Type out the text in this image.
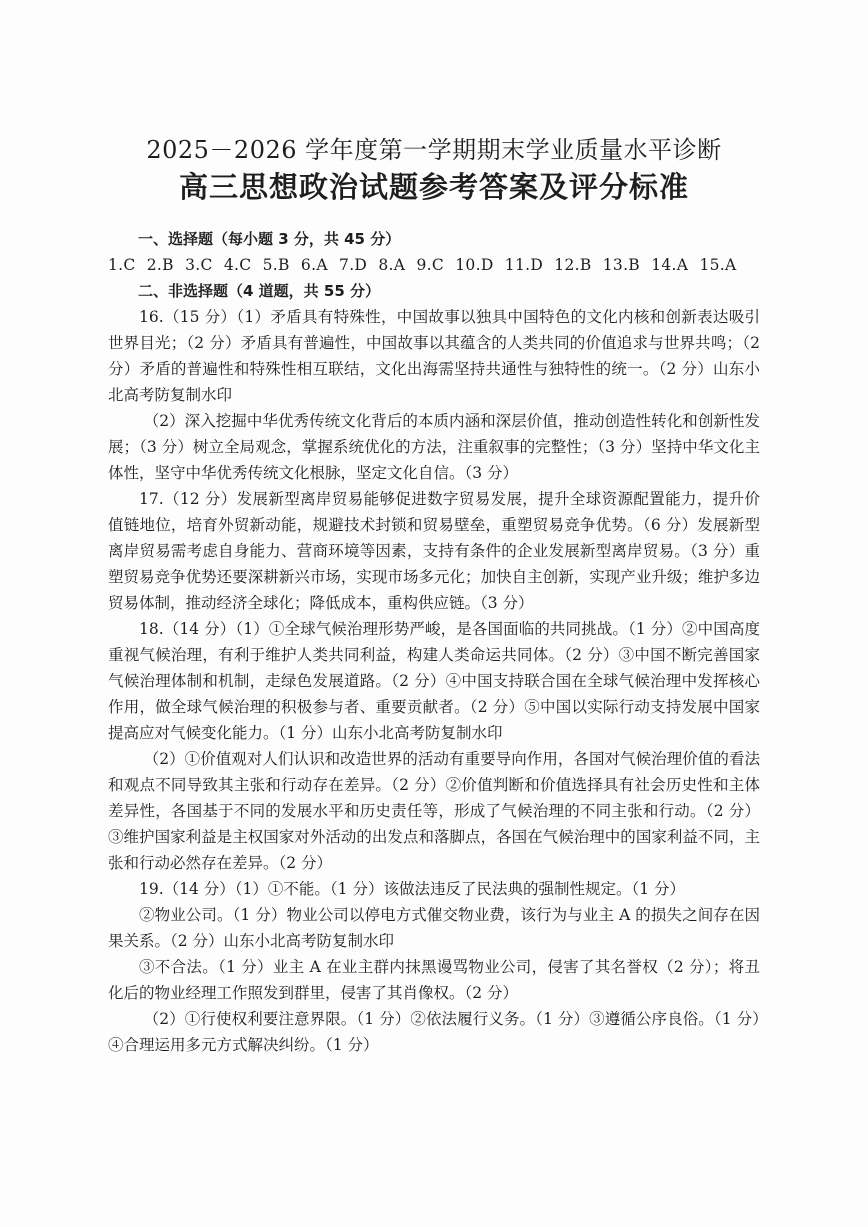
2025－2026 学年度第一学期期末学业质量水平诊断
高三思想政治试题参考答案及评分标准

一、选择题（每小题 3 分，共 45 分）

1.C 2.B 3.C 4.C 5.B 6.A 7.D 8.A 9.C 10.D 11.D 12.B 13.B 14.A 15.A

二、非选择题（4 道题，共 55 分）

16.（15 分）（1）矛盾具有特殊性，中国故事以独具中国特色的文化内核和创新表达吸引世界目光；（2 分）矛盾具有普遍性，中国故事以其蕴含的人类共同的价值追求与世界共鸣；（2 分）矛盾的普遍性和特殊性相互联结，文化出海需坚持共通性与独特性的统一。（2 分）山东小北高考防复制水印

（2）深入挖掘中华优秀传统文化背后的本质内涵和深层价值，推动创造性转化和创新性发展；（3 分）树立全局观念，掌握系统优化的方法，注重叙事的完整性；（3 分）坚持中华文化主体性，坚守中华优秀传统文化根脉，坚定文化自信。（3 分）

17.（12 分）发展新型离岸贸易能够促进数字贸易发展，提升全球资源配置能力，提升价值链地位，培育外贸新动能，规避技术封锁和贸易壁垒，重塑贸易竞争优势。（6 分）发展新型离岸贸易需考虑自身能力、营商环境等因素，支持有条件的企业发展新型离岸贸易。（3 分）重塑贸易竞争优势还要深耕新兴市场，实现市场多元化；加快自主创新，实现产业升级；维护多边贸易体制，推动经济全球化；降低成本，重构供应链。（3 分）

18.（14 分）（1）①全球气候治理形势严峻，是各国面临的共同挑战。（1 分）②中国高度重视气候治理，有利于维护人类共同利益，构建人类命运共同体。（2 分）③中国不断完善国家气候治理体制和机制，走绿色发展道路。（2 分）④中国支持联合国在全球气候治理中发挥核心作用，做全球气候治理的积极参与者、重要贡献者。（2 分）⑤中国以实际行动支持发展中国家提高应对气候变化能力。（1 分）山东小北高考防复制水印

（2）①价值观对人们认识和改造世界的活动有重要导向作用，各国对气候治理价值的看法和观点不同导致其主张和行动存在差异。（2 分）②价值判断和价值选择具有社会历史性和主体差异性，各国基于不同的发展水平和历史责任等，形成了气候治理的不同主张和行动。（2 分）③维护国家利益是主权国家对外活动的出发点和落脚点，各国在气候治理中的国家利益不同，主张和行动必然存在差异。（2 分）

19.（14 分）（1）①不能。（1 分）该做法违反了民法典的强制性规定。（1 分）

②物业公司。（1 分）物业公司以停电方式催交物业费，该行为与业主 A 的损失之间存在因果关系。（2 分）山东小北高考防复制水印

③不合法。（1 分）业主 A 在业主群内抹黑谩骂物业公司，侵害了其名誉权（2 分）；将丑化后的物业经理工作照发到群里，侵害了其肖像权。（2 分）

（2）①行使权利要注意界限。（1 分）②依法履行义务。（1 分）③遵循公序良俗。（1 分）④合理运用多元方式解决纠纷。（1 分）
